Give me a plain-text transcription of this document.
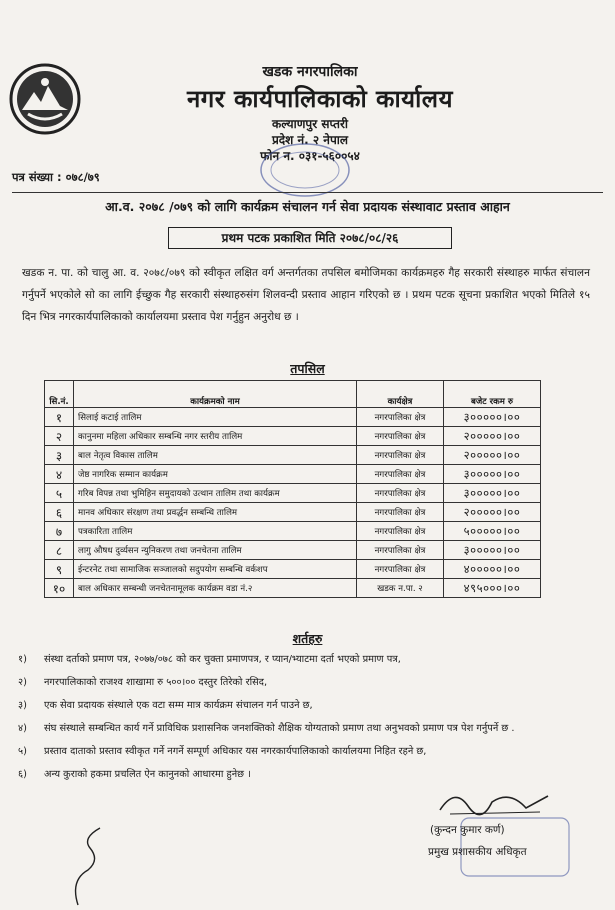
खडक नगरपालिका
नगर कार्यपालिकाको कार्यालय
कल्याणपुर सप्तरी
प्रदेश नं. २ नेपाल
फोन न. ०३१-५६००५४
पत्र संख्या : ०७८/७९
आ.व. २०७८ /०७९ को लागि कार्यक्रम संचालन गर्न सेवा प्रदायक संस्थावाट प्रस्ताव आहान
प्रथम पटक प्रकाशित मिति २०७८/०८/२६
खडक न. पा. को चालु आ. व. २०७८/०७९ को स्वीकृत लक्षित वर्ग अन्तर्गतका तपसिल बमोजिमका कार्यक्रमहरु गैह सरकारी संस्थाहरु मार्फत संचालन गर्नुपर्ने भएकोले सो का लागि ईच्छुक गैह सरकारी संस्थाहरुसंग शिलवन्दी प्रस्ताव आहान गरिएको छ । प्रथम पटक सूचना प्रकाशित भएको मितिले १५ दिन भित्र नगरकार्यपालिकाको कार्यालयमा प्रस्ताव पेश गर्नुहुन अनुरोध छ ।
तपसिल
सि.नं.	कार्यक्रमको नाम	कार्यक्षेत्र	बजेट रकम रु
१	सिलाई कटाई तालिम	नगरपालिका क्षेत्र	३०००००।००
२	कानुनमा महिला अधिकार सम्बन्धि नगर स्तरीय तालिम	नगरपालिका क्षेत्र	२०००००।००
३	बाल नेतृत्व विकास तालिम	नगरपालिका क्षेत्र	२०००००।००
४	जेष्ठ नागरिक सम्मान कार्यक्रम	नगरपालिका क्षेत्र	३०००००।००
५	गरिब विपन्न तथा भुमिहिन समुदायको उत्थान तालिम तथा कार्यक्रम	नगरपालिका क्षेत्र	३०००००।००
६	मानव अधिकार संरक्षण तथा प्रवर्द्धन सम्बन्धि तालिम	नगरपालिका क्षेत्र	२०००००।००
७	पत्रकारिता तालिम	नगरपालिका क्षेत्र	५०००००।००
८	लागु औषध दुर्व्यसन न्युनिकरण तथा जनचेतना तालिम	नगरपालिका क्षेत्र	३०००००।००
९	ईन्टरनेट तथा सामाजिक सञ्जालको सदुपयोग सम्बन्धि वर्कशप	नगरपालिका क्षेत्र	४०००००।००
१०	बाल अधिकार सम्बन्धी जनचेतनामूलक कार्यक्रम वडा नं.२	खडक न.पा. २	४९५०००।००
शर्तहरु
१) संस्था दर्ताको प्रमाण पत्र, २०७७/०७८ को कर चुक्ता प्रमाणपत्र, र प्यान/भ्याटमा दर्ता भएको प्रमाण पत्र,
२) नगरपालिकाको राजश्व शाखामा रु ५००।०० दस्तुर तिरेको रसिद,
३) एक सेवा प्रदायक संस्थाले एक वटा सम्म मात्र कार्यक्रम संचालन गर्न पाउने छ,
४) संघ संस्थाले सम्बन्धित कार्य गर्ने प्राविधिक प्रशासनिक जनशक्तिको शैक्षिक योग्यताको प्रमाण तथा अनुभवको प्रमाण पत्र पेश गर्नुपर्ने छ .
५) प्रस्ताव दाताको प्रस्ताव स्वीकृत गर्ने नगर्ने सम्पूर्ण अधिकार यस नगरकार्यपालिकाको कार्यालयमा निहित रहने छ,
६) अन्य कुराको हकमा प्रचलित ऐन कानुनको आधारमा हुनेछ ।
(कुन्दन कुमार कर्ण)
प्रमुख प्रशासकीय अधिकृत
